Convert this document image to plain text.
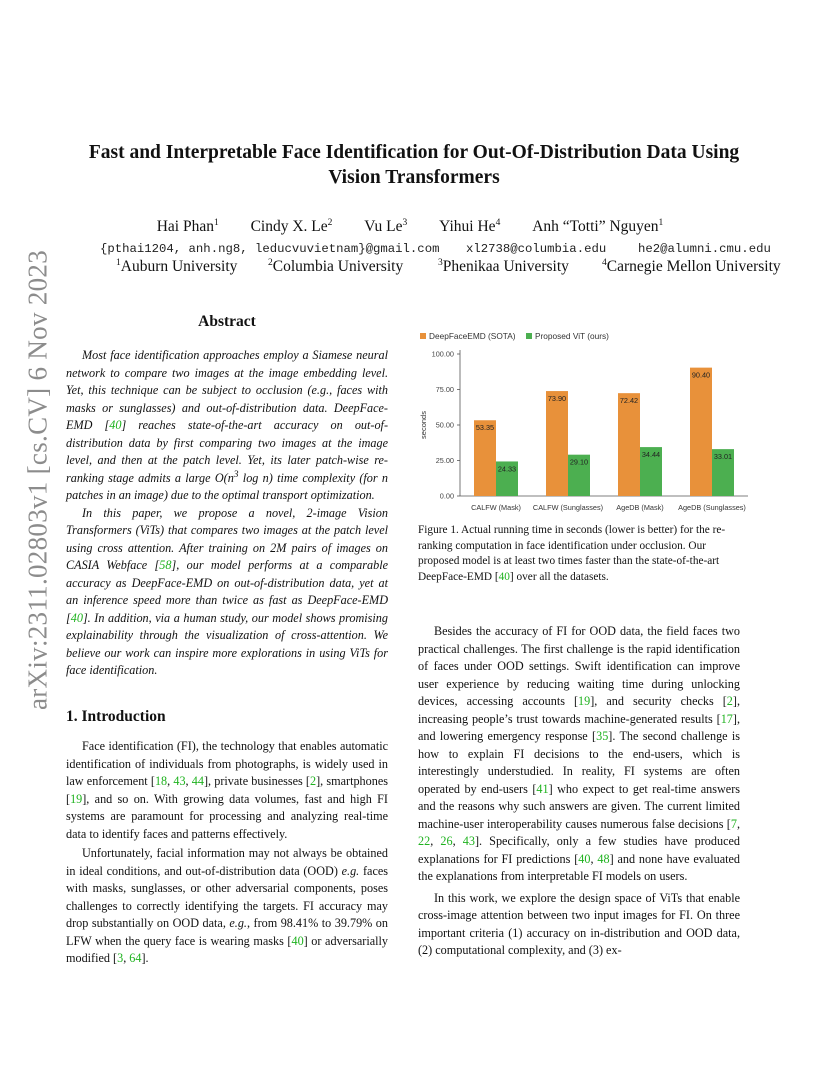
arXiv:2311.02803v1 [cs.CV] 6 Nov 2023
Fast and Interpretable Face Identification for Out-Of-Distribution Data Using
Vision Transformers
Hai Phan$^1$ Cindy X. Le$^2$ Vu Le$^3$ Yihui He$^4$ Anh “Totti” Nguyen$^1$
{pthai1204, anh.ng8, leducvuvietnam}@gmail.com xl2738@columbia.edu	he2@alumni.cmu.edu
$^1$ Auburn University	$^2$ Columbia University	$^3$ Phenikaa University	$^4$ Carnegie Mellon University
Abstract

Most face identification approaches employ a Siamese neural network to compare two images at the image embedding level. Yet, this technique can be subject to occlusion (e.g., faces with masks or sunglasses) and out-of-distribution data. DeepFace-EMD [40] reaches state-of-the-art accuracy on out-of-distribution data by first comparing two images at the image level, and then at the patch level. Yet, its later patch-wise re-ranking stage admits a large $O(n^3$ log n) time complexity (for n patches in an image) due to the optimal transport optimization.

In this paper, we propose a novel, 2-image Vision Transformers (ViTs) that compares two images at the patch level using cross attention. After training on 2M pairs of images on CASIA Webface [58], our model performs at a comparable accuracy as DeepFace-EMD on out-of-distribution data, yet at an inference speed more than twice as fast as DeepFace-EMD [40]. In addition, via a human study, our model shows promising explainability through the visualization of cross-attention. We believe our work can inspire more explorations in using ViTs for face identification.

1. Introduction

Face identification (FI), the technology that enables automatic identification of individuals from photographs, is widely used in law enforcement [18, 43, 44], private businesses [2], smartphones [19], and so on. With growing data volumes, fast and high FI systems are paramount for processing and analyzing real-time data to identify faces and patterns effectively.

Unfortunately, facial information may not always be obtained in ideal conditions, and out-of-distribution data (OOD) e.g. faces with masks, sunglasses, or other adversarial components, poses challenges to correctly identifying the targets. FI accuracy may drop substantially on OOD data, e.g., from 98.41% to 39.79% on LFW when the query face is wearing masks [40] or adversarially modified [3, 64].

DeepFaceEMD (SOTA) Proposed ViT (ours)
0.00
25.00
50.00
75.00
100.00
seconds
CALFW (Mask) CALFW (Sunglasses) AgeDB (Mask) AgeDB (Sunglasses)
53.35
24.33
73.90
29.10
72.42
34.44
90.40
33.01
Figure 1. Actual running time in seconds (lower is better) for the re-ranking computation in face identification under occlusion. Our proposed model is at least two times faster than the state-of-the-art DeepFace-EMD [40] over all the datasets.

Besides the accuracy of FI for OOD data, the field faces two practical challenges. The first challenge is the rapid identification of faces under OOD settings. Swift identification can improve user experience by reducing waiting time during unlocking devices, accessing accounts [19], and security checks [2], increasing people’s trust towards machine-generated results [17], and lowering emergency response [35]. The second challenge is how to explain FI decisions to the end-users, which is interestingly understudied. In reality, FI systems are often operated by end-users [41] who expect to get real-time answers and the reasons why such answers are given. The current limited machine-user interoperability causes numerous false decisions [7, 22, 26, 43]. Specifically, only a few studies have produced explanations for FI predictions [40, 48] and none have evaluated the explanations from interpretable FI models on users.

In this work, we explore the design space of ViTs that enable cross-image attention between two input images for FI. On three important criteria (1) accuracy on in-distribution and OOD data, (2) computational complexity, and (3) ex-
